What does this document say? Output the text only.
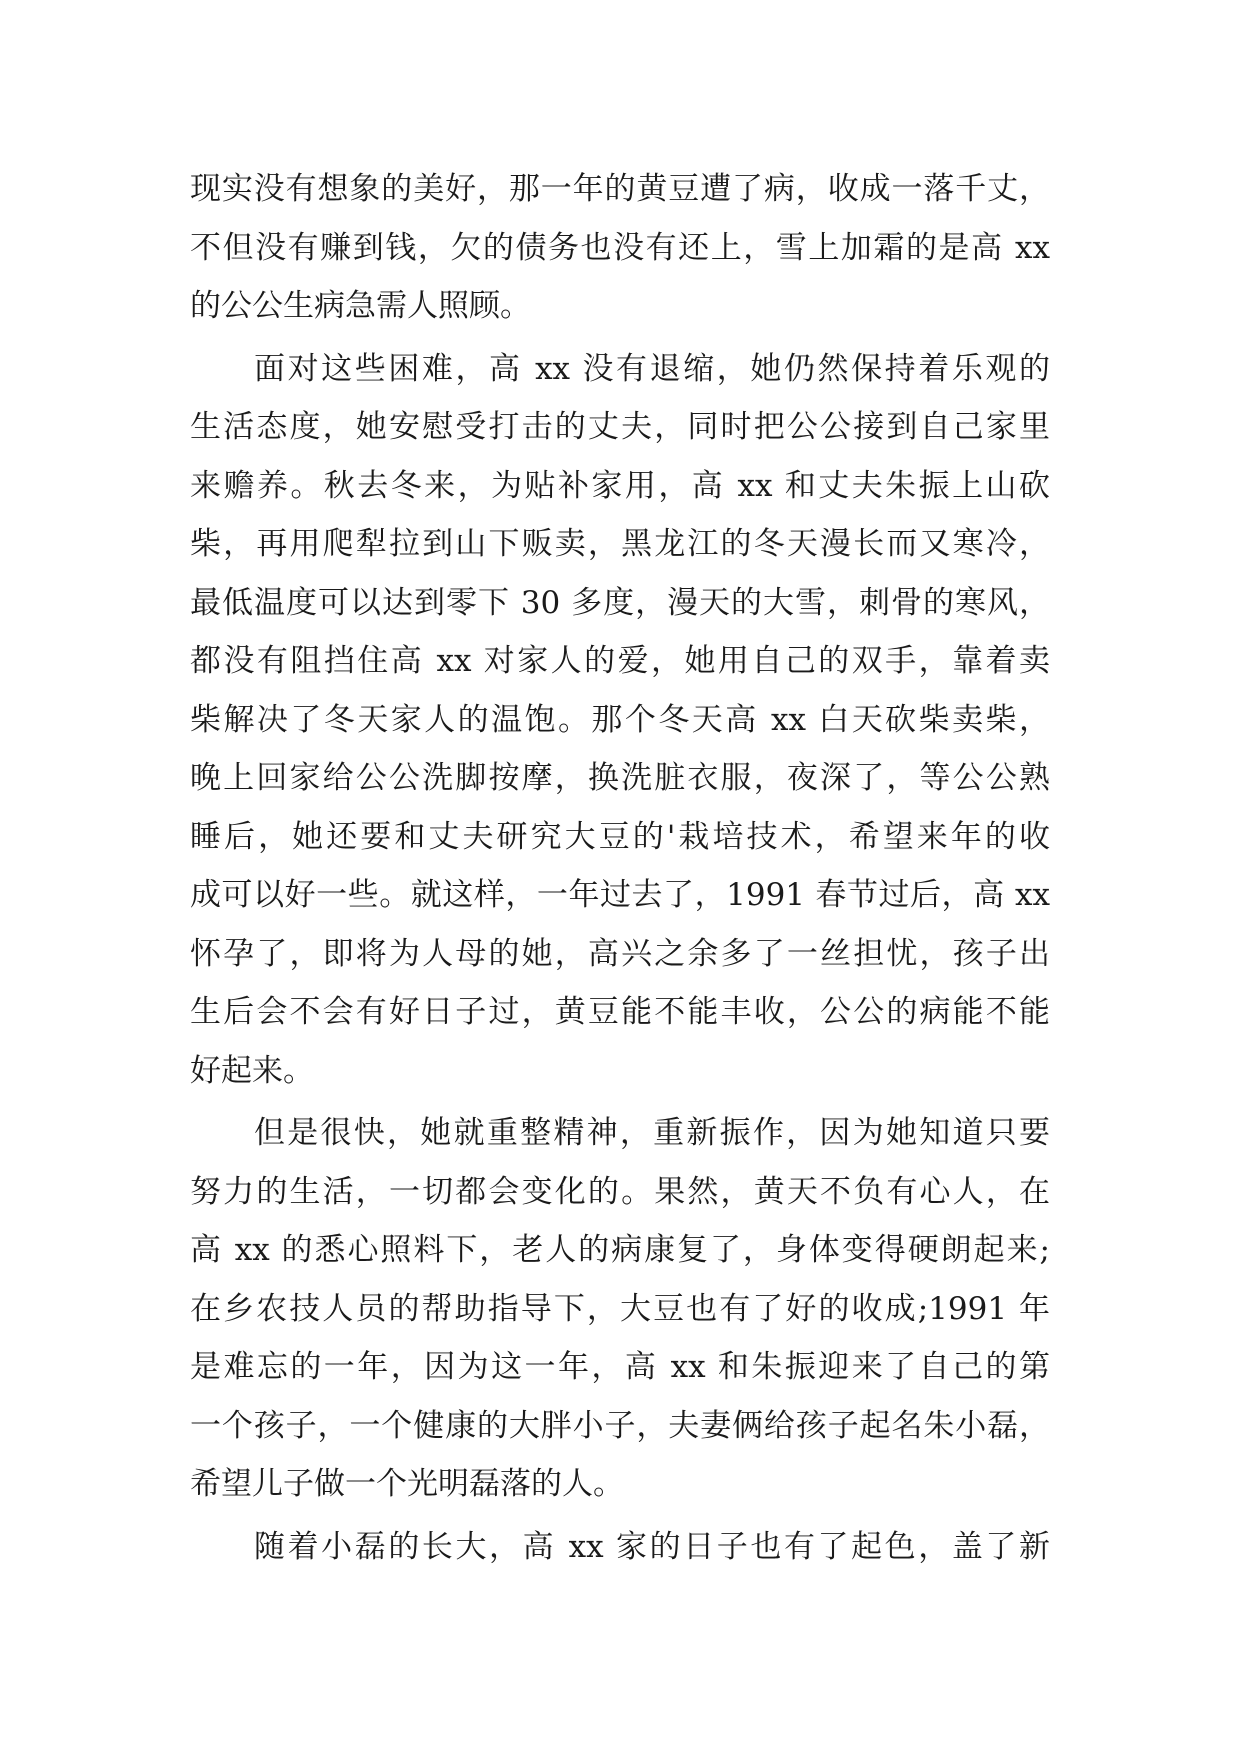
现实没有想象的美好，那一年的黄豆遭了病，收成一落千丈，
不但没有赚到钱，欠的债务也没有还上，雪上加霜的是高 xx
的公公生病急需人照顾。
面对这些困难，高 xx 没有退缩，她仍然保持着乐观的
生活态度，她安慰受打击的丈夫，同时把公公接到自己家里
来赡养。秋去冬来，为贴补家用，高 xx 和丈夫朱振上山砍
柴，再用爬犁拉到山下贩卖，黑龙江的冬天漫长而又寒冷，
最低温度可以达到零下 30 多度，漫天的大雪，刺骨的寒风，
都没有阻挡住高 xx 对家人的爱，她用自己的双手，靠着卖
柴解决了冬天家人的温饱。那个冬天高 xx 白天砍柴卖柴，
晚上回家给公公洗脚按摩，换洗脏衣服，夜深了，等公公熟
睡后，她还要和丈夫研究大豆的'栽培技术，希望来年的收
成可以好一些。就这样，一年过去了，1991 春节过后，高 xx
怀孕了，即将为人母的她，高兴之余多了一丝担忧，孩子出
生后会不会有好日子过，黄豆能不能丰收，公公的病能不能
好起来。
但是很快，她就重整精神，重新振作，因为她知道只要
努力的生活，一切都会变化的。果然，黄天不负有心人，在
高 xx 的悉心照料下，老人的病康复了，身体变得硬朗起来;
在乡农技人员的帮助指导下，大豆也有了好的收成;1991 年
是难忘的一年，因为这一年，高 xx 和朱振迎来了自己的第
一个孩子，一个健康的大胖小子，夫妻俩给孩子起名朱小磊，
希望儿子做一个光明磊落的人。
随着小磊的长大，高 xx 家的日子也有了起色，盖了新
